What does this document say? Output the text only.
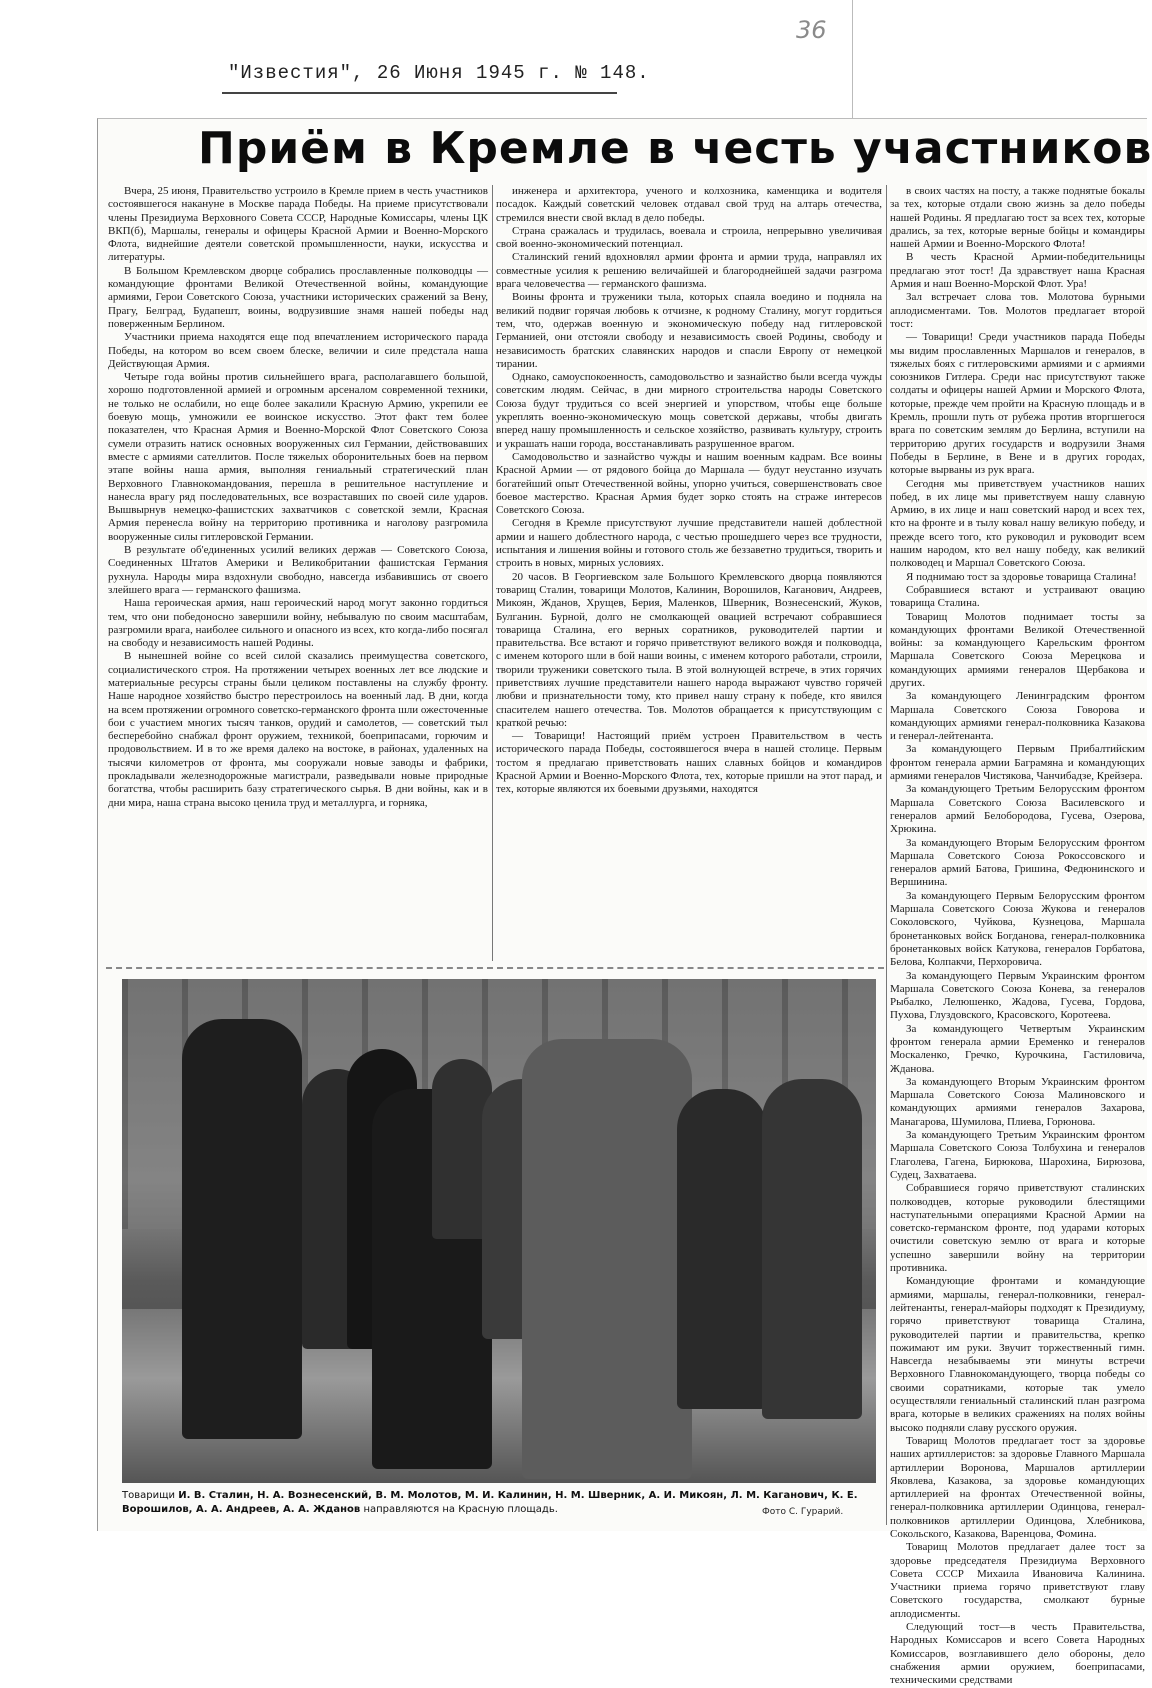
36
"Известия", 26 Июня 1945 г. № 148.
Приём в Кремле в честь участников

Вчера, 25 июня, Правительство устроило в Кремле прием в честь участников состоявшегося накануне в Москве парада Победы. На приеме присутствовали члены Президиума Верховного Совета СССР, Народные Комиссары, члены ЦК ВКП(б), Маршалы, генералы и офицеры Красной Армии и Военно-Морского Флота, виднейшие деятели советской промышленности, науки, искусства и литературы.

В Большом Кремлевском дворце собрались прославленные полководцы — командующие фронтами Великой Отечественной войны, командующие армиями, Герои Советского Союза, участники исторических сражений за Вену, Прагу, Белград, Будапешт, воины, водрузившие знамя нашей победы над поверженным Берлином.

Участники приема находятся еще под впечатлением исторического парада Победы, на котором во всем своем блеске, величии и силе предстала наша Действующая Армия.

Четыре года войны против сильнейшего врага, располагавшего большой, хорошо подготовленной армией и огромным арсеналом современной техники, не только не ослабили, но еще более закалили Красную Армию, укрепили ее боевую мощь, умножили ее воинское искусство. Этот факт тем более показателен, что Красная Армия и Военно-Морской Флот Советского Союза сумели отразить натиск основных вооруженных сил Германии, действовавших вместе с армиями сателлитов. После тяжелых оборонительных боев на первом этапе войны наша армия, выполняя гениальный стратегический план Верховного Главнокомандования, перешла в решительное наступление и нанесла врагу ряд последовательных, все возраставших по своей силе ударов. Вышвырнув немецко-фашистских захватчиков с советской земли, Красная Армия перенесла войну на территорию противника и наголову разгромила вооруженные силы гитлеровской Германии.

В результате об'единенных усилий великих держав — Советского Союза, Соединенных Штатов Америки и Великобритании фашистская Германия рухнула. Народы мира вздохнули свободно, навсегда избавившись от своего злейшего врага — германского фашизма.

Наша героическая армия, наш героический народ могут законно гордиться тем, что они победоносно завершили войну, небывалую по своим масштабам, разгромили врага, наиболее сильного и опасного из всех, кто когда-либо посягал на свободу и независимость нашей Родины.

В нынешней войне со всей силой сказались преимущества советского, социалистического строя. На протяжении четырех военных лет все людские и материальные ресурсы страны были целиком поставлены на службу фронту. Наше народное хозяйство быстро перестроилось на военный лад. В дни, когда на всем протяжении огромного советско-германского фронта шли ожесточенные бои с участием многих тысяч танков, орудий и самолетов, — советский тыл бесперебойно снабжал фронт оружием, техникой, боеприпасами, горючим и продовольствием. И в то же время далеко на востоке, в районах, удаленных на тысячи километров от фронта, мы сооружали новые заводы и фабрики, прокладывали железнодорожные магистрали, разведывали новые природные богатства, чтобы расширить базу стратегического сырья. В дни войны, как и в дни мира, наша страна высоко ценила труд и металлурга, и горняка,

инженера и архитектора, ученого и колхозника, каменщика и водителя посадок. Каждый советский человек отдавал свой труд на алтарь отечества, стремился внести свой вклад в дело победы.

Страна сражалась и трудилась, воевала и строила, непрерывно увеличивая свой военно-экономический потенциал.

Сталинский гений вдохновлял армии фронта и армии труда, направлял их совместные усилия к решению величайшей и благороднейшей задачи разгрома врага человечества — германского фашизма.

Воины фронта и труженики тыла, которых спаяла воедино и подняла на великий подвиг горячая любовь к отчизне, к родному Сталину, могут гордиться тем, что, одержав военную и экономическую победу над гитлеровской Германией, они отстояли свободу и независимость своей Родины, свободу и независимость братских славянских народов и спасли Европу от немецкой тирании.

Однако, самоуспокоенность, самодовольство и зазнайство были всегда чужды советским людям. Сейчас, в дни мирного строительства народы Советского Союза будут трудиться со всей энергией и упорством, чтобы еще больше укреплять военно-экономическую мощь советской державы, чтобы двигать вперед нашу промышленность и сельское хозяйство, развивать культуру, строить и украшать наши города, восстанавливать разрушенное врагом.

Самодовольство и зазнайство чужды и нашим военным кадрам. Все воины Красной Армии — от рядового бойца до Маршала — будут неустанно изучать богатейший опыт Отечественной войны, упорно учиться, совершенствовать свое боевое мастерство. Красная Армия будет зорко стоять на страже интересов Советского Союза.

Сегодня в Кремле присутствуют лучшие представители нашей доблестной армии и нашего доблестного народа, с честью прошедшего через все трудности, испытания и лишения войны и готового столь же беззаветно трудиться, творить и строить в новых, мирных условиях.

20 часов. В Георгиевском зале Большого Кремлевского дворца появляются товарищ Сталин, товарищи Молотов, Калинин, Ворошилов, Каганович, Андреев, Микоян, Жданов, Хрущев, Берия, Маленков, Шверник, Вознесенский, Жуков, Булганин. Бурной, долго не смолкающей овацией встречают собравшиеся товарища Сталина, его верных соратников, руководителей партии и правительства. Все встают и горячо приветствуют великого вождя и полководца, с именем которого шли в бой наши воины, с именем которого работали, строили, творили труженики советского тыла. В этой волнующей встрече, в этих горячих приветствиях лучшие представители нашего народа выражают чувство горячей любви и признательности тому, кто привел нашу страну к победе, кто явился спасителем нашего отечества. Тов. Молотов обращается к присутствующим с краткой речью:

— Товарищи! Настоящий приём устроен Правительством в честь исторического парада Победы, состоявшегося вчера в нашей столице. Первым тостом я предлагаю приветствовать наших славных бойцов и командиров Красной Армии и Военно-Морского Флота, тех, которые пришли на этот парад, и тех, которые являются их боевыми друзьями, находятся

в своих частях на посту, а также поднятые бокалы за тех, которые отдали свою жизнь за дело победы нашей Родины. Я предлагаю тост за всех тех, которые дрались, за тех, которые верные бойцы и командиры нашей Армии и Военно-Морского Флота!

В честь Красной Армии-победительницы предлагаю этот тост! Да здравствует наша Красная Армия и наш Военно-Морской Флот. Ура!

Зал встречает слова тов. Молотова бурными аплодисментами. Тов. Молотов предлагает второй тост:

— Товарищи! Среди участников парада Победы мы видим прославленных Маршалов и генералов, в тяжелых боях с гитлеровскими армиями и с армиями союзников Гитлера. Среди нас присутствуют также солдаты и офицеры нашей Армии и Морского Флота, которые, прежде чем пройти на Красную площадь и в Кремль, прошли путь от рубежа против вторгшегося врага по советским землям до Берлина, вступили на территорию других государств и водрузили Знамя Победы в Берлине, в Вене и в других городах, которые вырваны из рук врага.

Сегодня мы приветствуем участников наших побед, в их лице мы приветствуем нашу славную Армию, в их лице и наш советский народ и всех тех, кто на фронте и в тылу ковал нашу великую победу, и прежде всего того, кто руководил и руководит всем нашим народом, кто вел нашу победу, как великий полководец и Маршал Советского Союза.

Я поднимаю тост за здоровье товарища Сталина!

Собравшиеся встают и устраивают овацию товарища Сталина.

Товарищ Молотов поднимает тосты за командующих фронтами Великой Отечественной войны: за командующего Карельским фронтом Маршала Советского Союза Мерецкова и командующих армиями генералов Щербакова и других.

За командующего Ленинградским фронтом Маршала Советского Союза Говорова и командующих армиями генерал-полковника Казакова и генерал-лейтенанта.

За командующего Первым Прибалтийским фронтом генерала армии Баграмяна и командующих армиями генералов Чистякова, Чанчибадзе, Крейзера.

За командующего Третьим Белорусским фронтом Маршала Советского Союза Василевского и генералов армий Белобородова, Гусева, Озерова, Хрюкина.

За командующего Вторым Белорусским фронтом Маршала Советского Союза Рокоссовского и генералов армий Батова, Гришина, Федюнинского и Вершинина.

За командующего Первым Белорусским фронтом Маршала Советского Союза Жукова и генералов Соколовского, Чуйкова, Кузнецова, Маршала бронетанковых войск Богданова, генерал-полковника бронетанковых войск Катукова, генералов Горбатова, Белова, Колпакчи, Перхоровича.

За командующего Первым Украинским фронтом Маршала Советского Союза Конева, за генералов Рыбалко, Лелюшенко, Жадова, Гусева, Гордова, Пухова, Глуздовского, Красовского, Коротеева.

За командующего Четвертым Украинским фронтом генерала армии Еременко и генералов Москаленко, Гречко, Курочкина, Гастиловича, Жданова.

За командующего Вторым Украинским фронтом Маршала Советского Союза Малиновского и командующих армиями генералов Захарова, Манагарова, Шумилова, Плиева, Горюнова.

За командующего Третьим Украинским фронтом Маршала Советского Союза Толбухина и генералов Глаголева, Гагена, Бирюкова, Шарохина, Бирюзова, Судец, Захватаева.

Собравшиеся горячо приветствуют сталинских полководцев, которые руководили блестящими наступательными операциями Красной Армии на советско-германском фронте, под ударами которых очистили советскую землю от врага и которые успешно завершили войну на территории противника.

Командующие фронтами и командующие армиями, маршалы, генерал-полковники, генерал-лейтенанты, генерал-майоры подходят к Президиуму, горячо приветствуют товарища Сталина, руководителей партии и правительства, крепко пожимают им руки. Звучит торжественный гимн. Навсегда незабываемы эти минуты встречи Верховного Главнокомандующего, творца победы со своими соратниками, которые так умело осуществляли гениальный сталинский план разгрома врага, которые в великих сражениях на полях войны высоко подняли славу русского оружия.

Товарищ Молотов предлагает тост за здоровье наших артиллеристов: за здоровье Главного Маршала артиллерии Воронова, Маршалов артиллерии Яковлева, Казакова, за здоровье командующих артиллерией на фронтах Отечественной войны, генерал-полковника артиллерии Одинцова, генерал-полковников артиллерии Одинцова, Хлебникова, Сокольского, Казакова, Варенцова, Фомина.

Товарищ Молотов предлагает далее тост за здоровье председателя Президиума Верховного Совета СССР Михаила Ивановича Калинина. Участники приема горячо приветствуют главу Советского государства, смолкают бурные аплодисменты.

Следующий тост—в честь Правительства, Народных Комиссаров и всего Совета Народных Комиссаров, возглавившего дело обороны, дело снабжения армии оружием, боеприпасами, техническими средствами

Товарищи И. В. Сталин, Н. А. Вознесенский, В. М. Молотов, М. И. Калинин, Н. М. Шверник, А. И. Микоян, Л. М. Каганович, К. Е. Ворошилов, А. А. Андреев, А. А. Жданов направляются на Красную площадь.	Фото С. Гурарий.
